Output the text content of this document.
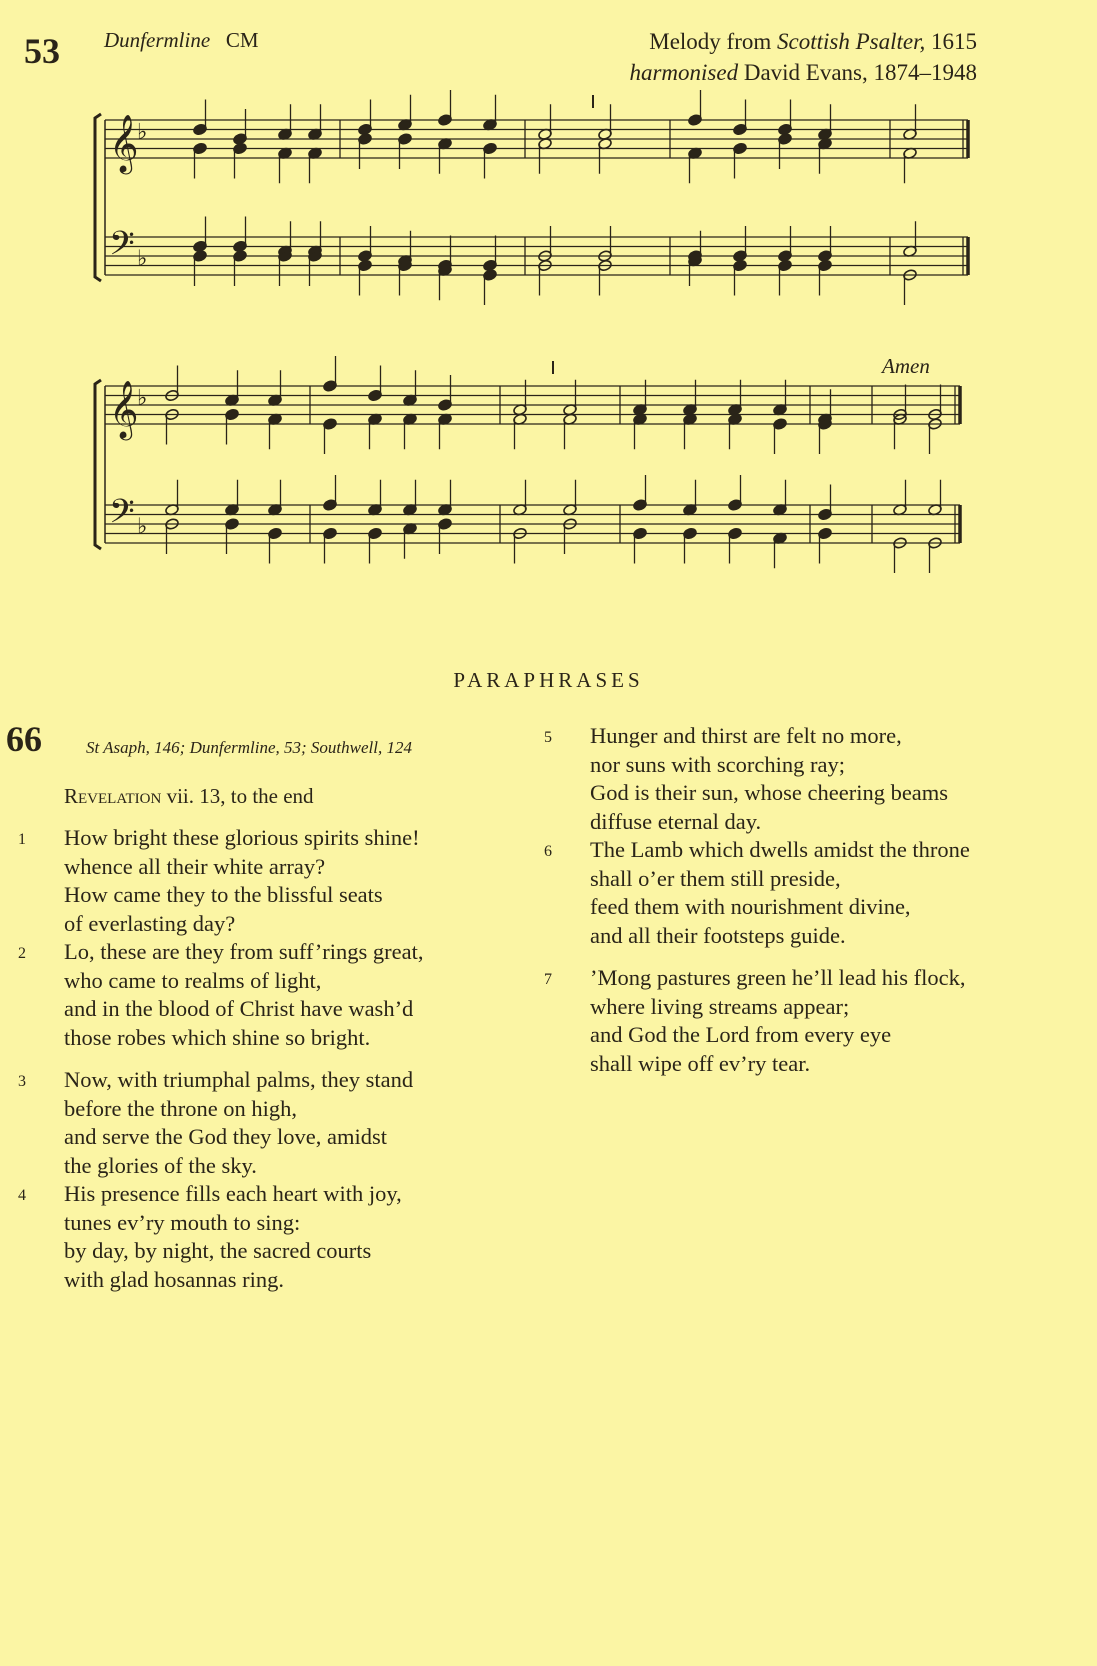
53 Dunfermline CM	Melody from Scottish Psalter, 1615
harmonised David Evans, 1874–1948
𝄞
𝄢
♭
♭
𝄞
𝄢
♭
♭
Amen
PARAPHRASES
66	St Asaph, 146; Dunfermline, 53; Southwell, 124
Revelation vii. 13, to the end
1 How bright these glorious spirits shine!

whence all their white array?

How came they to the blissful seats

of everlasting day?

2 Lo, these are they from suff’rings great,

who came to realms of light,

and in the blood of Christ have wash’d

those robes which shine so bright.

3 Now, with triumphal palms, they stand

before the throne on high,

and serve the God they love, amidst

the glories of the sky.

4 His presence fills each heart with joy,

tunes ev’ry mouth to sing:

by day, by night, the sacred courts

with glad hosannas ring.

5 Hunger and thirst are felt no more,

nor suns with scorching ray;

God is their sun, whose cheering beams

diffuse eternal day.

6 The Lamb which dwells amidst the throne

shall o’er them still preside,

feed them with nourishment divine,

and all their footsteps guide.

7 ’Mong pastures green he’ll lead his flock,

where living streams appear;

and God the Lord from every eye

shall wipe off ev’ry tear.
